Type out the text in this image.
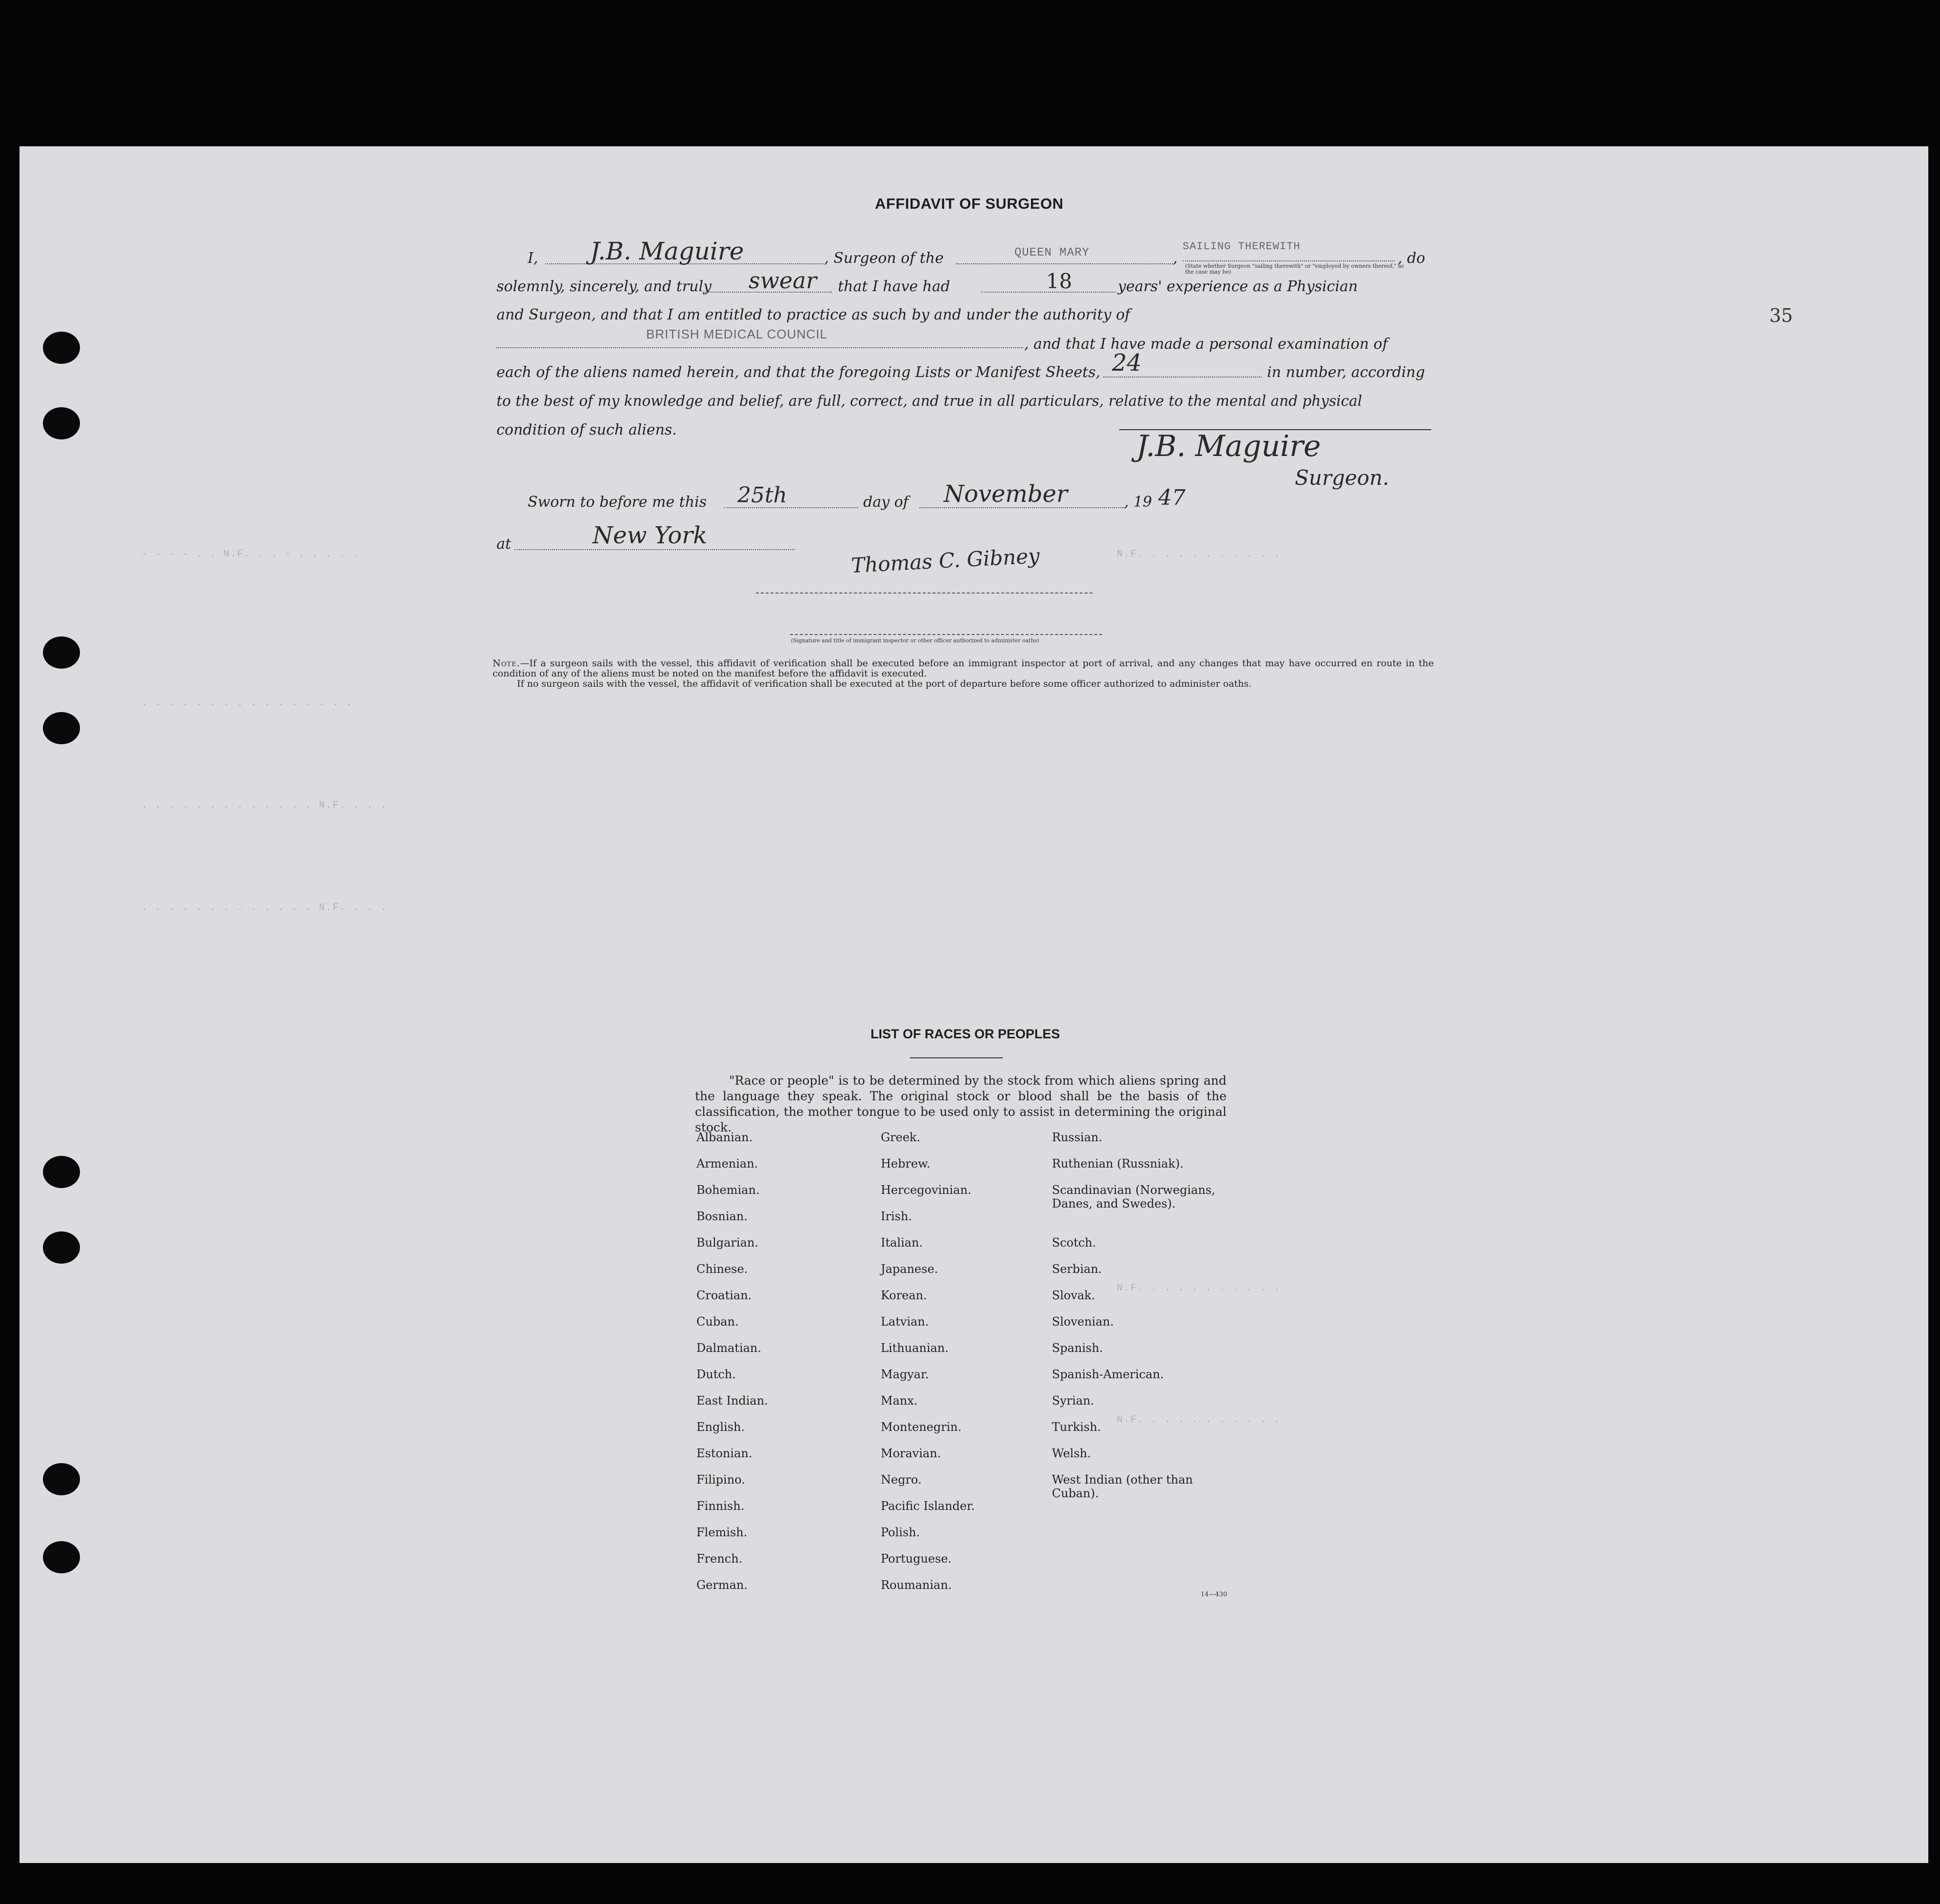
- - - - . . N.F. . . - . . . . .	N.F. . . . . . . . . . .
. . . . . . . . . . . . . . . .
. . . . . . . . . . . . . N.F. . . .
. . . . . . . . . . . . . N.F. . . .
N.F. . . . . . . . . . .
N.F. . . . . . . . . . .
35
AFFIDAVIT OF SURGEON
I, J.B. Maguire	, Surgeon of the	QUEEN MARY	,
SAILING THEREWITH
(State whether Surgeon "sailing therewith" or "employed by owners thereof," as the case may be)
, do
solemnly, sincerely, and truly swear that I have had	18	years' experience as a Physician
and Surgeon, and that I am entitled to practice as such by and under the authority of
BRITISH MEDICAL COUNCIL
, and that I have made a personal examination of
each of the aliens named herein, and that the foregoing Lists or Manifest Sheets, 24	in number, according
to the best of my knowledge and belief, are full, correct, and true in all particulars, relative to the mental and physical
condition of such aliens.	J.B. Maguire
Surgeon.
Sworn to before me this 25th	day of November	, 19 47
at	New York
Thomas C. Gibney
(Signature and title of immigrant inspector or other officer authorized to administer oaths)
Note.—If a surgeon sails with the vessel, this affidavit of verification shall be executed before an immigrant inspector at port of arrival, and any changes that may have occurred en route in the condition of any of the aliens must be noted on the manifest before the affidavit is executed.
If no surgeon sails with the vessel, the affidavit of verification shall be executed at the port of departure before some officer authorized to administer oaths.
LIST OF RACES OR PEOPLES
"Race or people" is to be determined by the stock from which aliens spring and the language they speak. The original stock or blood shall be the basis of the classification, the mother tongue to be used only to assist in determining the original stock.
Albanian.
Armenian.
Bohemian.
Bosnian.
Bulgarian.
Chinese.
Croatian.
Cuban.
Dalmatian.
Dutch.
East Indian.
English.
Estonian.
Filipino.
Finnish.
Flemish.
French.
German.
Greek.
Hebrew.
Hercegovinian.
Irish.
Italian.
Japanese.
Korean.
Latvian.
Lithuanian.
Magyar.
Manx.
Montenegrin.
Moravian.
Negro.
Pacific Islander.
Polish.
Portuguese.
Roumanian.
Russian.
Ruthenian (Russniak).
Scandinavian (Norwegians, Danes, and Swedes).
Scotch.
Serbian.
Slovak.
Slovenian.
Spanish.
Spanish-American.
Syrian.
Turkish.
Welsh.
West Indian (other than Cuban).
14—430
